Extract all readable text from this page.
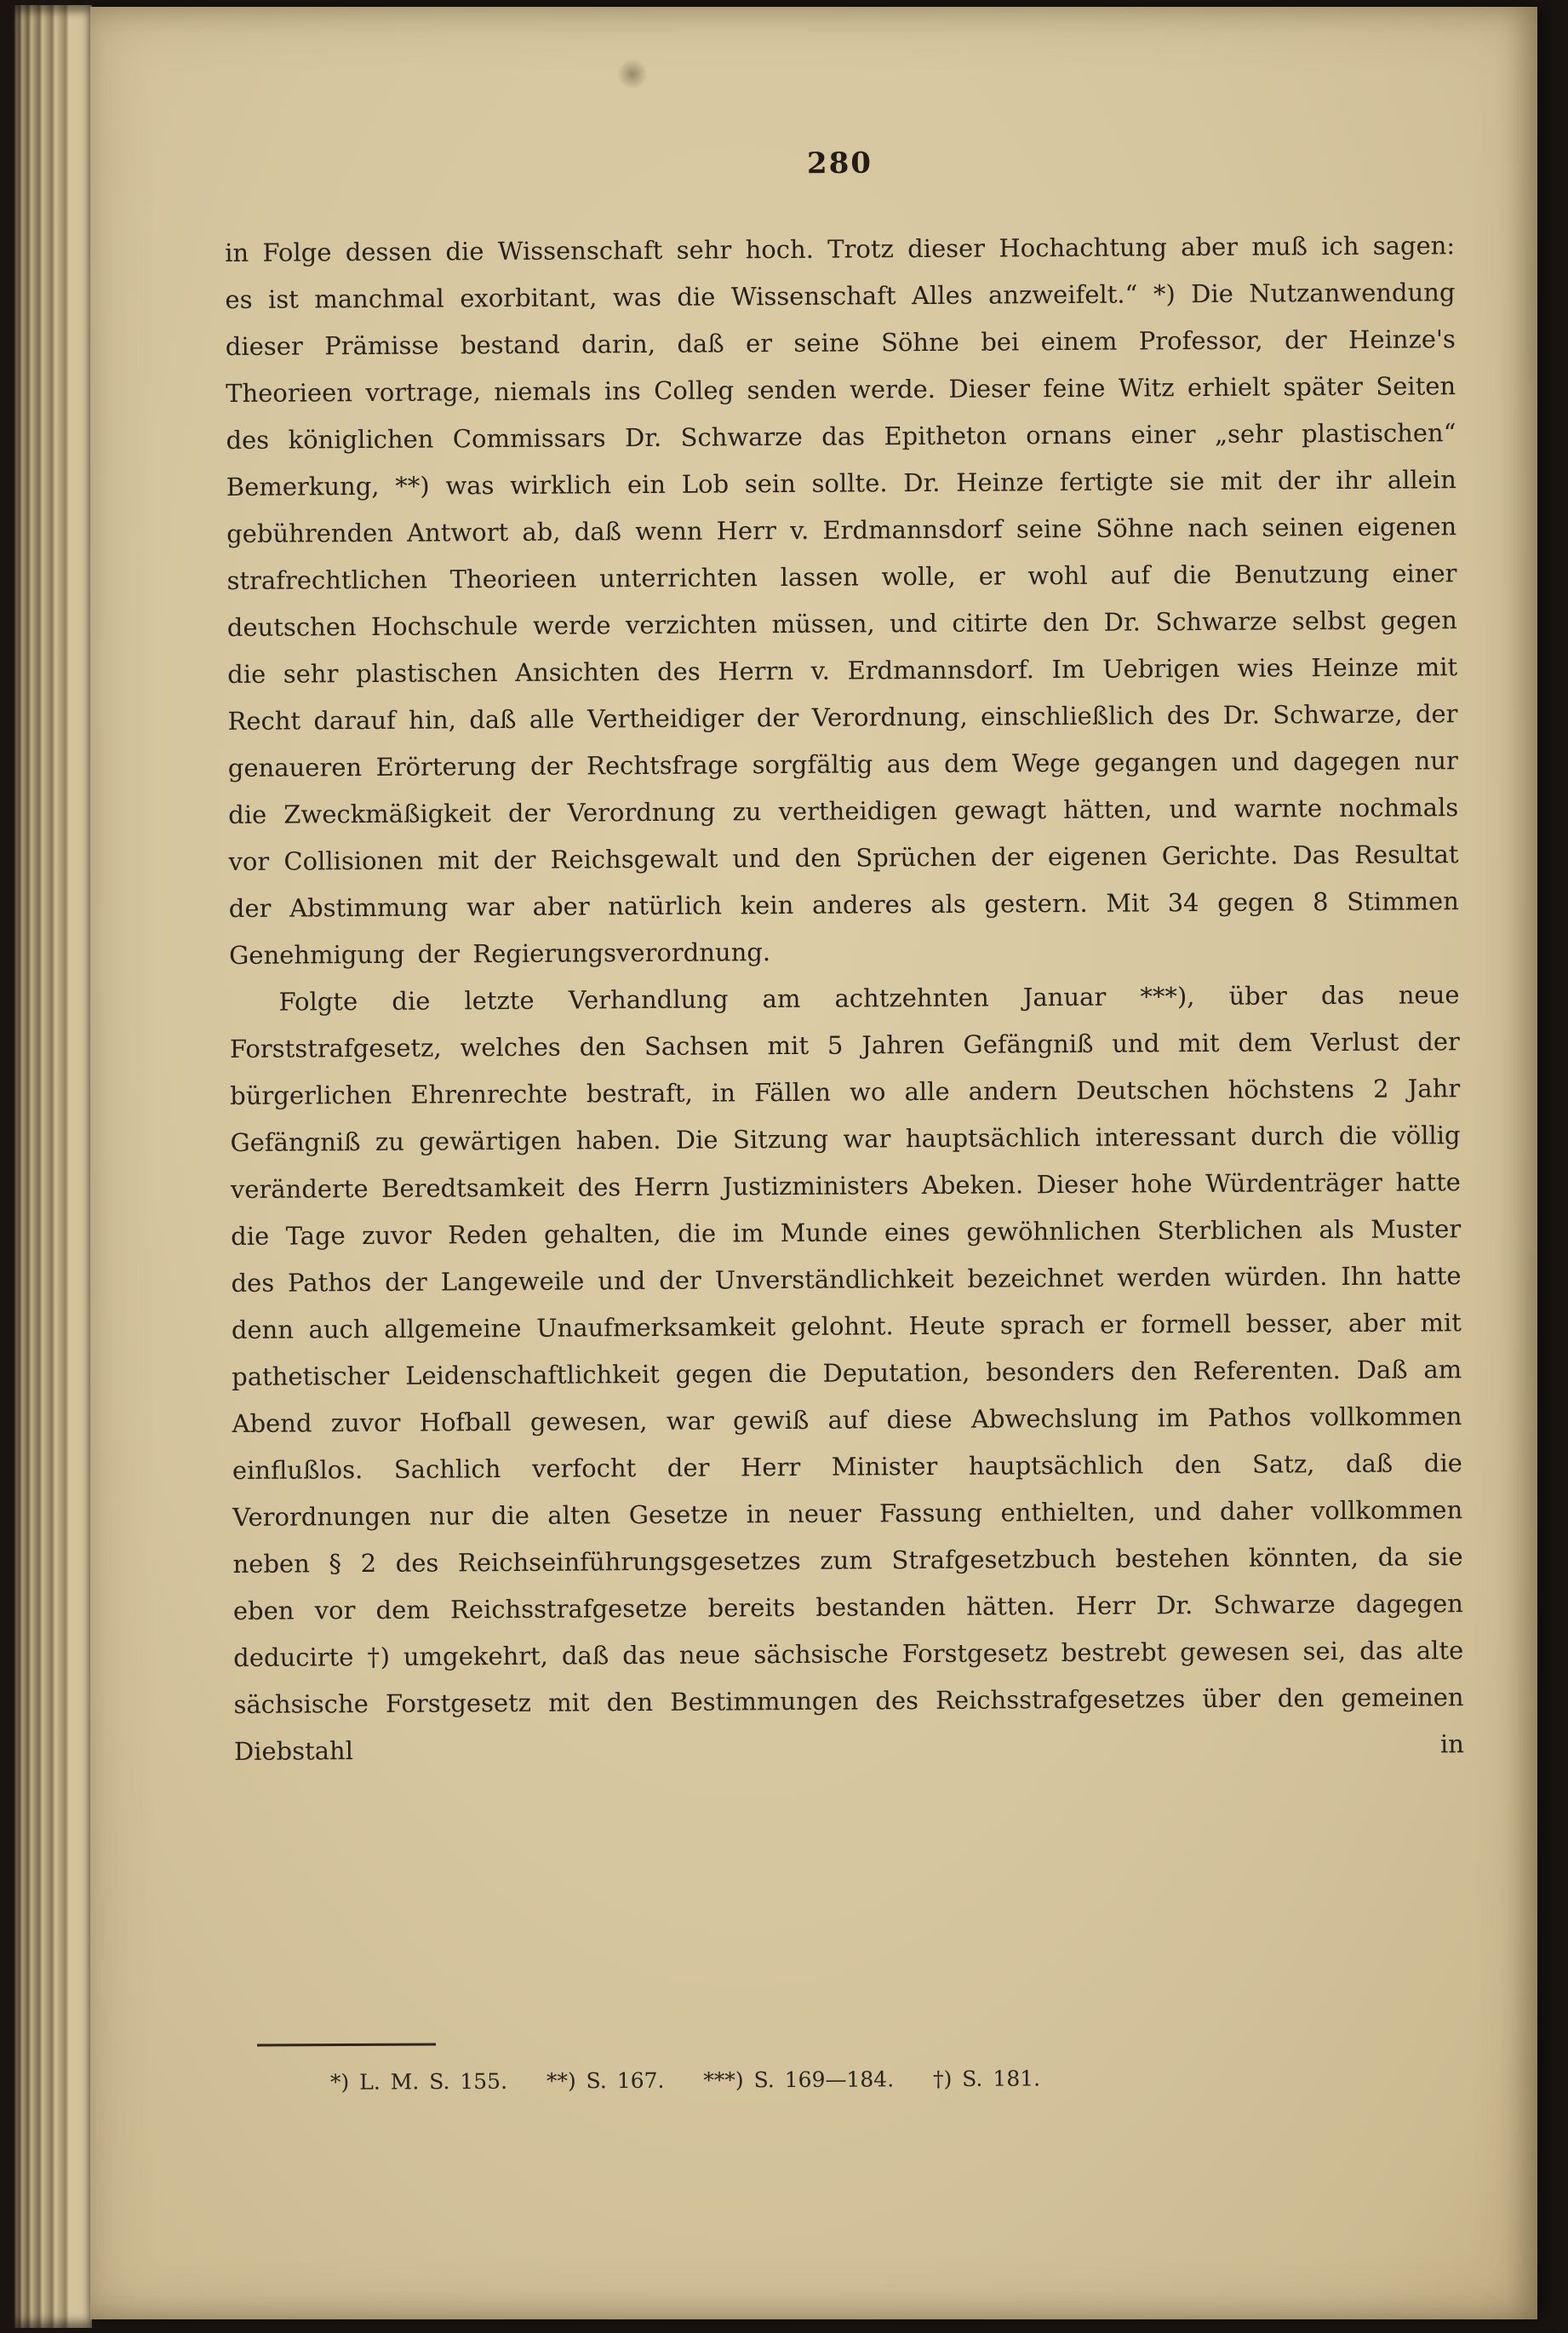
280

in Folge dessen die Wissenschaft sehr hoch. Trotz dieser Hochachtung aber muß ich sagen: es ist manchmal exorbitant, was die Wissenschaft Alles anzweifelt.“ *) Die Nutzanwendung dieser Prämisse bestand darin, daß er seine Söhne bei einem Professor, der Heinze's Theorieen vortrage, niemals ins Colleg senden werde. Dieser feine Witz erhielt später Seiten des königlichen Commissars Dr. Schwarze das Epitheton ornans einer „sehr plastischen“ Bemerkung, **) was wirklich ein Lob sein sollte. Dr. Heinze fertigte sie mit der ihr allein gebührenden Antwort ab, daß wenn Herr v. Erdmannsdorf seine Söhne nach seinen eigenen strafrechtlichen Theorieen unterrichten lassen wolle, er wohl auf die Benutzung einer deutschen Hochschule werde verzichten müssen, und citirte den Dr. Schwarze selbst gegen die sehr plastischen Ansichten des Herrn v. Erdmannsdorf. Im Uebrigen wies Heinze mit Recht darauf hin, daß alle Vertheidiger der Verordnung, einschließlich des Dr. Schwarze, der genaueren Erörterung der Rechtsfrage sorgfältig aus dem Wege gegangen und dagegen nur die Zweckmäßigkeit der Verordnung zu vertheidigen gewagt hätten, und warnte nochmals vor Collisionen mit der Reichsgewalt und den Sprüchen der eigenen Gerichte. Das Resultat der Abstimmung war aber natürlich kein anderes als gestern. Mit 34 gegen 8 Stimmen Genehmigung der Regierungsverordnung.

Folgte die letzte Verhandlung am achtzehnten Januar ***), über das neue Forststrafgesetz, welches den Sachsen mit 5 Jahren Gefängniß und mit dem Verlust der bürgerlichen Ehrenrechte bestraft, in Fällen wo alle andern Deutschen höchstens 2 Jahr Gefängniß zu gewärtigen haben. Die Sitzung war hauptsächlich interessant durch die völlig veränderte Beredtsamkeit des Herrn Justizministers Abeken. Dieser hohe Würdenträger hatte die Tage zuvor Reden gehalten, die im Munde eines gewöhnlichen Sterblichen als Muster des Pathos der Langeweile und der Unverständlichkeit bezeichnet werden würden. Ihn hatte denn auch allgemeine Unaufmerksamkeit gelohnt. Heute sprach er formell besser, aber mit pathetischer Leidenschaftlichkeit gegen die Deputation, besonders den Referenten. Daß am Abend zuvor Hofball gewesen, war gewiß auf diese Abwechslung im Pathos vollkommen einflußlos. Sachlich verfocht der Herr Minister hauptsächlich den Satz, daß die Verordnungen nur die alten Gesetze in neuer Fassung enthielten, und daher vollkommen neben § 2 des Reichseinführungsgesetzes zum Strafgesetzbuch bestehen könnten, da sie eben vor dem Reichsstrafgesetze bereits bestanden hätten. Herr Dr. Schwarze dagegen deducirte †) umgekehrt, daß das neue sächsische Forstgesetz bestrebt gewesen sei, das alte sächsische Forstgesetz mit den Bestimmungen des Reichsstrafgesetzes über den gemeinen Diebstahl in

*) L. M. S. 155. **) S. 167. ***) S. 169—184. †) S. 181.
